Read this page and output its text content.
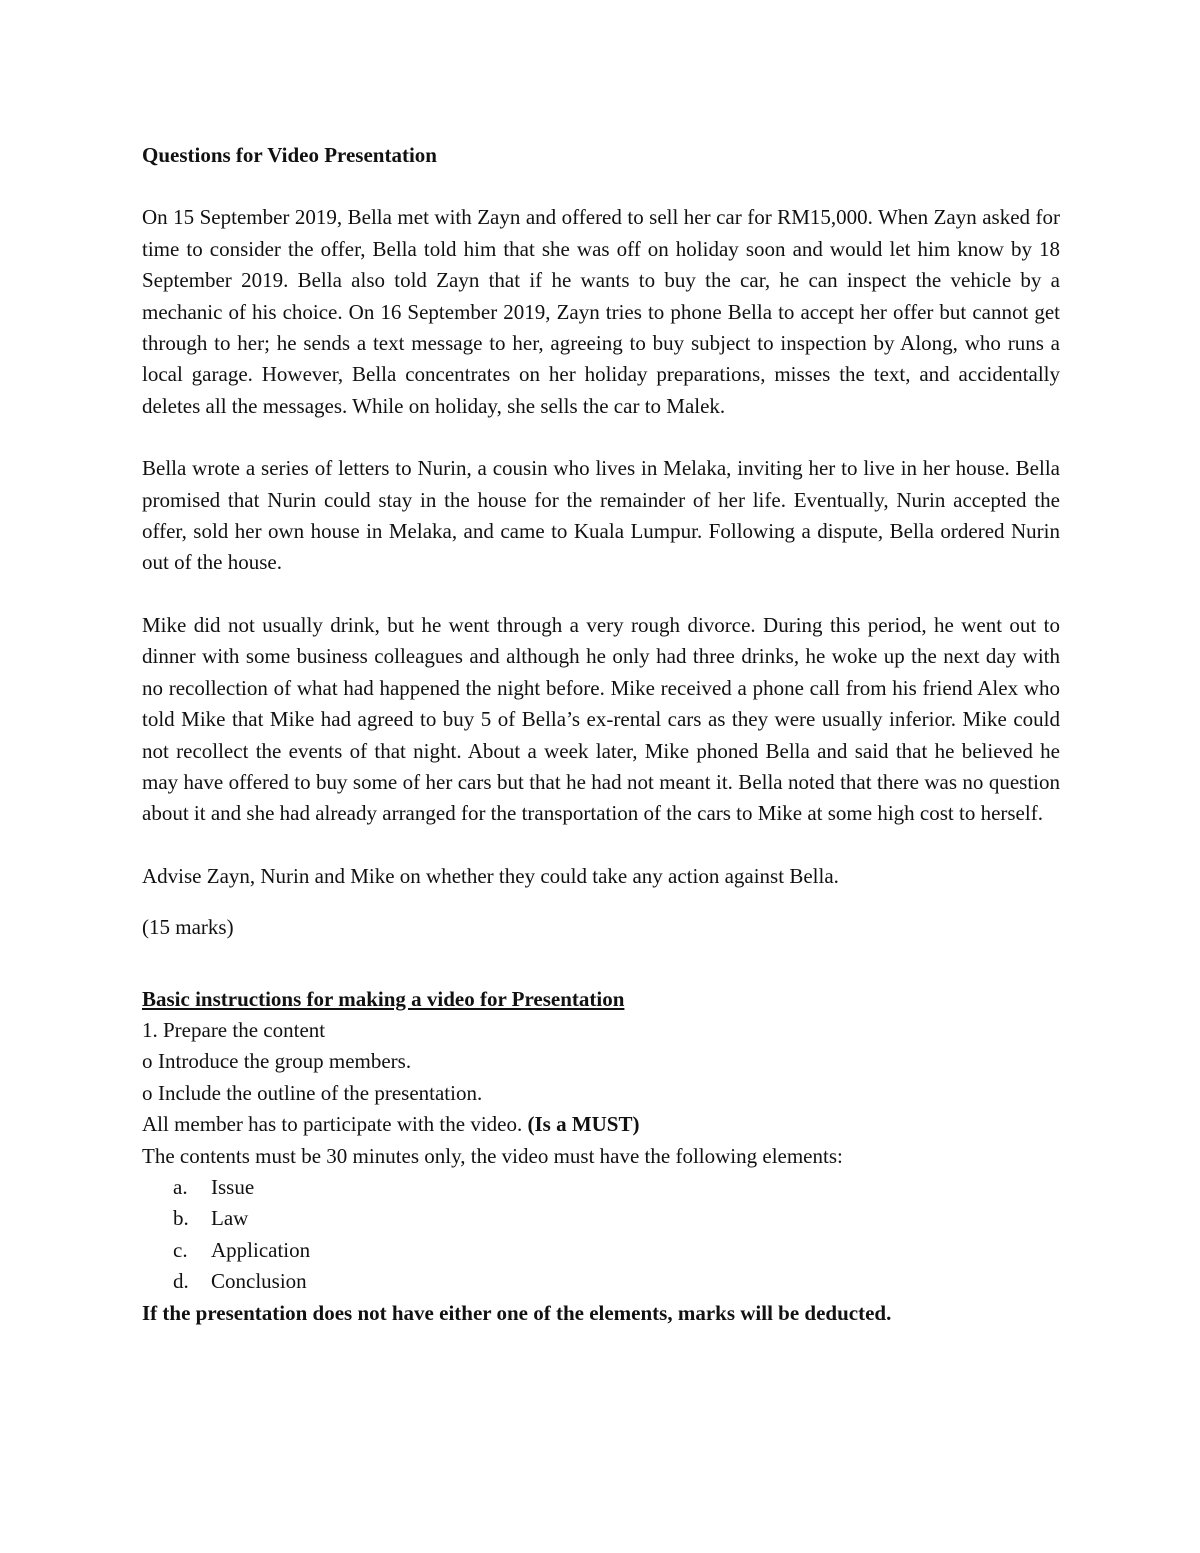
Questions for Video Presentation

On 15 September 2019, Bella met with Zayn and offered to sell her car for RM15,000. When Zayn asked for time to consider the offer, Bella told him that she was off on holiday soon and would let him know by 18 September 2019. Bella also told Zayn that if he wants to buy the car, he can inspect the vehicle by a mechanic of his choice. On 16 September 2019, Zayn tries to phone Bella to accept her offer but cannot get through to her; he sends a text message to her, agreeing to buy subject to inspection by Along, who runs a local garage. However, Bella concentrates on her holiday preparations, misses the text, and accidentally deletes all the messages. While on holiday, she sells the car to Malek.

Bella wrote a series of letters to Nurin, a cousin who lives in Melaka, inviting her to live in her house. Bella promised that Nurin could stay in the house for the remainder of her life. Eventually, Nurin accepted the offer, sold her own house in Melaka, and came to Kuala Lumpur. Following a dispute, Bella ordered Nurin out of the house.

Mike did not usually drink, but he went through a very rough divorce. During this period, he went out to dinner with some business colleagues and although he only had three drinks, he woke up the next day with no recollection of what had happened the night before. Mike received a phone call from his friend Alex who told Mike that Mike had agreed to buy 5 of Bella’s ex-rental cars as they were usually inferior. Mike could not recollect the events of that night. About a week later, Mike phoned Bella and said that he believed he may have offered to buy some of her cars but that he had not meant it. Bella noted that there was no question about it and she had already arranged for the transportation of the cars to Mike at some high cost to herself.

Advise Zayn, Nurin and Mike on whether they could take any action against Bella.

(15 marks)

Basic instructions for making a video for Presentation

1. Prepare the content

o Introduce the group members.

o Include the outline of the presentation.

All member has to participate with the video. (Is a MUST)

The contents must be 30 minutes only, the video must have the following elements:

a.	Issue
b.	Law
c.	Application
d.	Conclusion

If the presentation does not have either one of the elements, marks will be deducted.
